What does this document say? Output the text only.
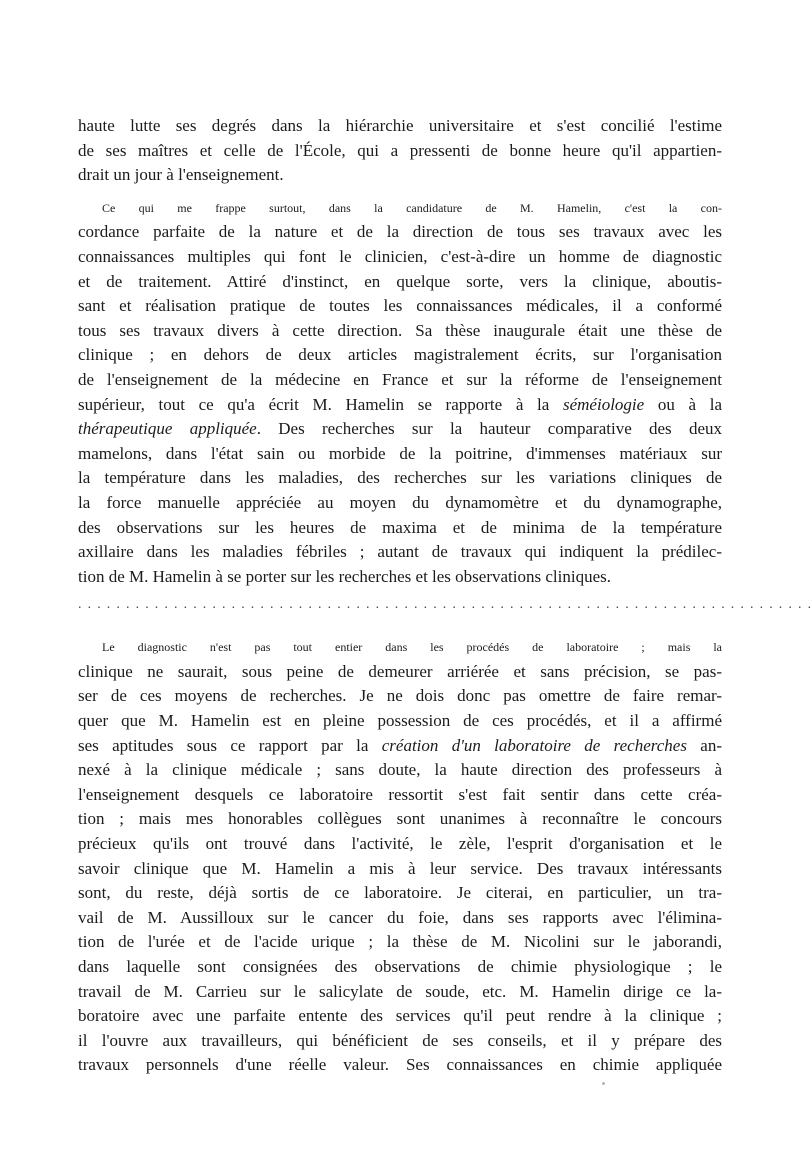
haute lutte ses degrés dans la hiérarchie universitaire et s'est concilié l'estime
de ses maîtres et celle de l'École, qui a pressenti de bonne heure qu'il appartien-
drait un jour à l'enseignement.
Ce qui me frappe surtout, dans la candidature de M. Hamelin, c'est la con-
cordance parfaite de la nature et de la direction de tous ses travaux avec les
connaissances multiples qui font le clinicien, c'est-à-dire un homme de diagnostic
et de traitement. Attiré d'instinct, en quelque sorte, vers la clinique, aboutis-
sant et réalisation pratique de toutes les connaissances médicales, il a conformé
tous ses travaux divers à cette direction. Sa thèse inaugurale était une thèse de
clinique ; en dehors de deux articles magistralement écrits, sur l'organisation
de l'enseignement de la médecine en France et sur la réforme de l'enseignement
supérieur, tout ce qu'a écrit M. Hamelin se rapporte à la séméiologie ou à la
thérapeutique appliquée. Des recherches sur la hauteur comparative des deux
mamelons, dans l'état sain ou morbide de la poitrine, d'immenses matériaux sur
la température dans les maladies, des recherches sur les variations cliniques de
la force manuelle appréciée au moyen du dynamomètre et du dynamographe,
des observations sur les heures de maxima et de minima de la température
axillaire dans les maladies fébriles ; autant de travaux qui indiquent la prédilec-
tion de M. Hamelin à se porter sur les recherches et les observations cliniques.
. . . . . . . . . . . . . . . . . . . . . . . . . . . . . . . . . . . . . . . . . . . . . . . . . . . . . . . . . . . . . . . . . . . . . . . . . . . . .
Le diagnostic n'est pas tout entier dans les procédés de laboratoire ; mais la
clinique ne saurait, sous peine de demeurer arriérée et sans précision, se pas-
ser de ces moyens de recherches. Je ne dois donc pas omettre de faire remar-
quer que M. Hamelin est en pleine possession de ces procédés, et il a affirmé
ses aptitudes sous ce rapport par la création d'un laboratoire de recherches an-
nexé à la clinique médicale ; sans doute, la haute direction des professeurs à
l'enseignement desquels ce laboratoire ressortit s'est fait sentir dans cette créa-
tion ; mais mes honorables collègues sont unanimes à reconnaître le concours
précieux qu'ils ont trouvé dans l'activité, le zèle, l'esprit d'organisation et le
savoir clinique que M. Hamelin a mis à leur service. Des travaux intéressants
sont, du reste, déjà sortis de ce laboratoire. Je citerai, en particulier, un tra-
vail de M. Aussilloux sur le cancer du foie, dans ses rapports avec l'élimina-
tion de l'urée et de l'acide urique ; la thèse de M. Nicolini sur le jaborandi,
dans laquelle sont consignées des observations de chimie physiologique ; le
travail de M. Carrieu sur le salicylate de soude, etc. M. Hamelin dirige ce la-
boratoire avec une parfaite entente des services qu'il peut rendre à la clinique ;
il l'ouvre aux travailleurs, qui bénéficient de ses conseils, et il y prépare des
travaux personnels d'une réelle valeur. Ses connaissances en chimie appliquée
